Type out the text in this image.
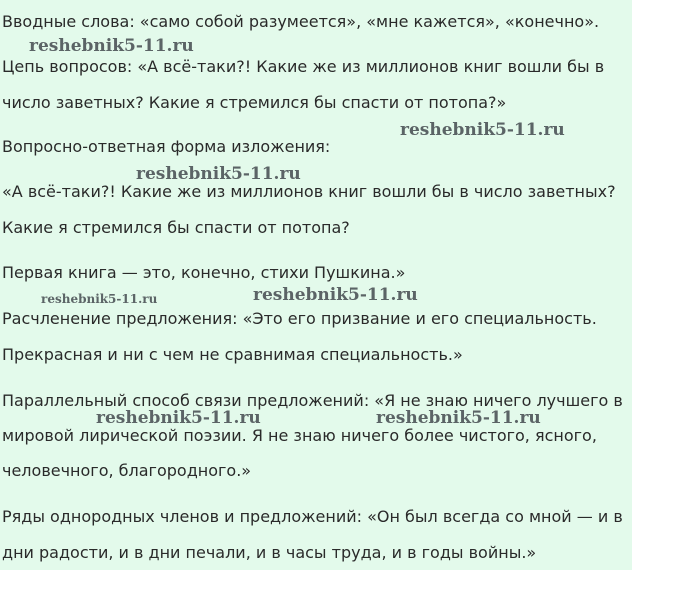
Вводные слова: «само собой разумеется», «мне кажется», «конечно».
Цепь вопросов: «А всё-таки?! Какие же из миллионов книг вошли бы в
число заветных? Какие я стремился бы спасти от потопа?»
Вопросно-ответная форма изложения:
«А всё-таки?! Какие же из миллионов книг вошли бы в число заветных?
Какие я стремился бы спасти от потопа?
Первая книга — это, конечно, стихи Пушкина.»
Расчленение предложения: «Это его призвание и его специальность.
Прекрасная и ни с чем не сравнимая специальность.»
Параллельный способ связи предложений: «Я не знаю ничего лучшего в
мировой лирической поэзии. Я не знаю ничего более чистого, ясного,
человечного, благородного.»
Ряды однородных членов и предложений: «Он был всегда со мной — и в
дни радости, и в дни печали, и в часы труда, и в годы войны.»
reshebnik5-11.ru
reshebnik5-11.ru
reshebnik5-11.ru
reshebnik5-11.ru	reshebnik5-11.ru
reshebnik5-11.ru	reshebnik5-11.ru
